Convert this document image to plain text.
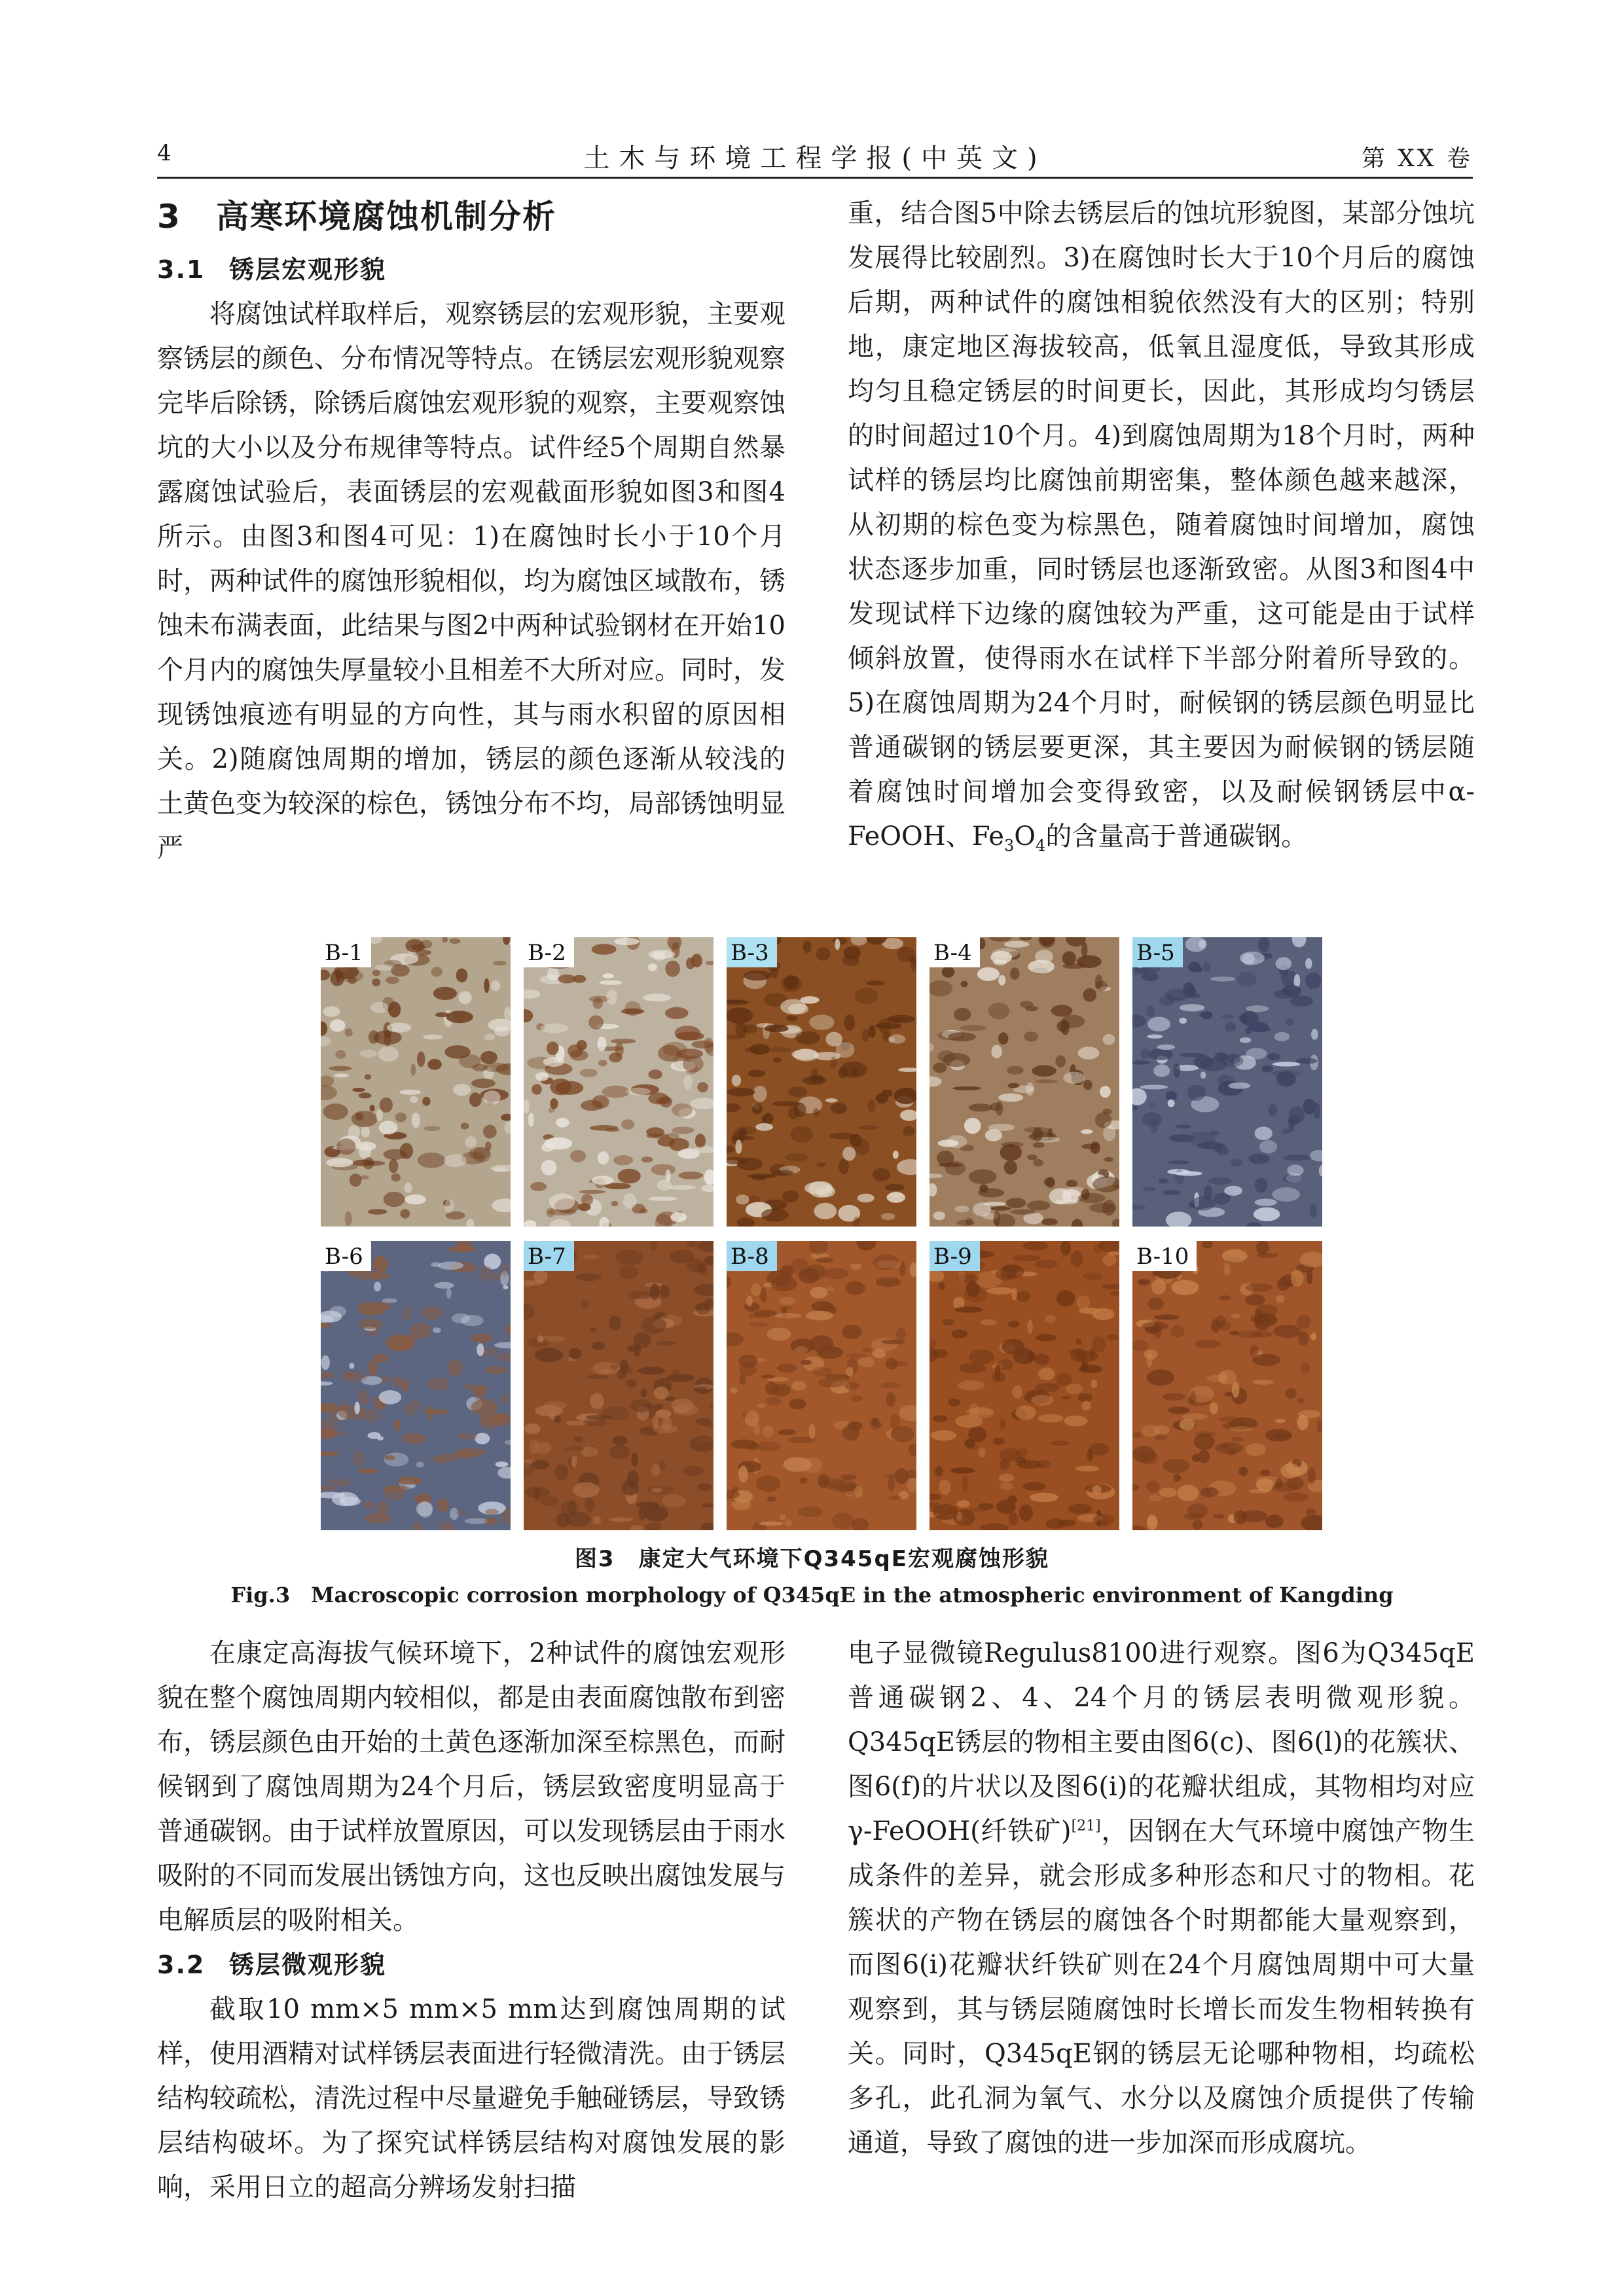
4	土木与环境工程学报(中英文)	第 XX 卷

3 高寒环境腐蚀机制分析

3.1 锈层宏观形貌

将腐蚀试样取样后，观察锈层的宏观形貌，主要观察锈层的颜色、分布情况等特点。在锈层宏观形貌观察完毕后除锈，除锈后腐蚀宏观形貌的观察，主要观察蚀坑的大小以及分布规律等特点。试件经5个周期自然暴露腐蚀试验后，表面锈层的宏观截面形貌如图3和图4所示。由图3和图4可见：1)在腐蚀时长小于10个月时，两种试件的腐蚀形貌相似，均为腐蚀区域散布，锈蚀未布满表面，此结果与图2中两种试验钢材在开始10个月内的腐蚀失厚量较小且相差不大所对应。同时，发现锈蚀痕迹有明显的方向性，其与雨水积留的原因相关。2)随腐蚀周期的增加，锈层的颜色逐渐从较浅的土黄色变为较深的棕色，锈蚀分布不均，局部锈蚀明显严

重，结合图5中除去锈层后的蚀坑形貌图，某部分蚀坑发展得比较剧烈。3)在腐蚀时长大于10个月后的腐蚀后期，两种试件的腐蚀相貌依然没有大的区别；特别地，康定地区海拔较高，低氧且湿度低，导致其形成均匀且稳定锈层的时间更长，因此，其形成均匀锈层的时间超过10个月。4)到腐蚀周期为18个月时，两种试样的锈层均比腐蚀前期密集，整体颜色越来越深，从初期的棕色变为棕黑色，随着腐蚀时间增加，腐蚀状态逐步加重，同时锈层也逐渐致密。从图3和图4中发现试样下边缘的腐蚀较为严重，这可能是由于试样倾斜放置，使得雨水在试样下半部分附着所导致的。5)在腐蚀周期为24个月时，耐候钢的锈层颜色明显比普通碳钢的锈层要更深，其主要因为耐候钢的锈层随着腐蚀时间增加会变得致密，以及耐候钢锈层中α-FeOOH、$Fe_3O_4$的含量高于普通碳钢。

B-1	B-2	B-3	B-4	B-5
B-6	B-7	B-8	B-9	B-10
图3　康定大气环境下Q345qE宏观腐蚀形貌
Fig.3　Macroscopic corrosion morphology of Q345qE in the atmospheric environment of Kangding

在康定高海拔气候环境下，2种试件的腐蚀宏观形貌在整个腐蚀周期内较相似，都是由表面腐蚀散布到密布，锈层颜色由开始的土黄色逐渐加深至棕黑色，而耐候钢到了腐蚀周期为24个月后，锈层致密度明显高于普通碳钢。由于试样放置原因，可以发现锈层由于雨水吸附的不同而发展出锈蚀方向，这也反映出腐蚀发展与电解质层的吸附相关。

3.2 锈层微观形貌

截取10 mm×5 mm×5 mm达到腐蚀周期的试样，使用酒精对试样锈层表面进行轻微清洗。由于锈层结构较疏松，清洗过程中尽量避免手触碰锈层，导致锈层结构破坏。为了探究试样锈层结构对腐蚀发展的影响，采用日立的超高分辨场发射扫描

电子显微镜Regulus8100进行观察。图6为Q345qE普通碳钢2、4、24个月的锈层表明微观形貌。Q345qE锈层的物相主要由图6(c)、图6(l)的花簇状、图6(f)的片状以及图6(i)的花瓣状组成，其物相均对应γ-FeOOH(纤铁矿)[21]，因钢在大气环境中腐蚀产物生成条件的差异，就会形成多种形态和尺寸的物相。花簇状的产物在锈层的腐蚀各个时期都能大量观察到，而图6(i)花瓣状纤铁矿则在24个月腐蚀周期中可大量观察到，其与锈层随腐蚀时长增长而发生物相转换有关。同时，Q345qE钢的锈层无论哪种物相，均疏松多孔，此孔洞为氧气、水分以及腐蚀介质提供了传输通道，导致了腐蚀的进一步加深而形成腐坑。
